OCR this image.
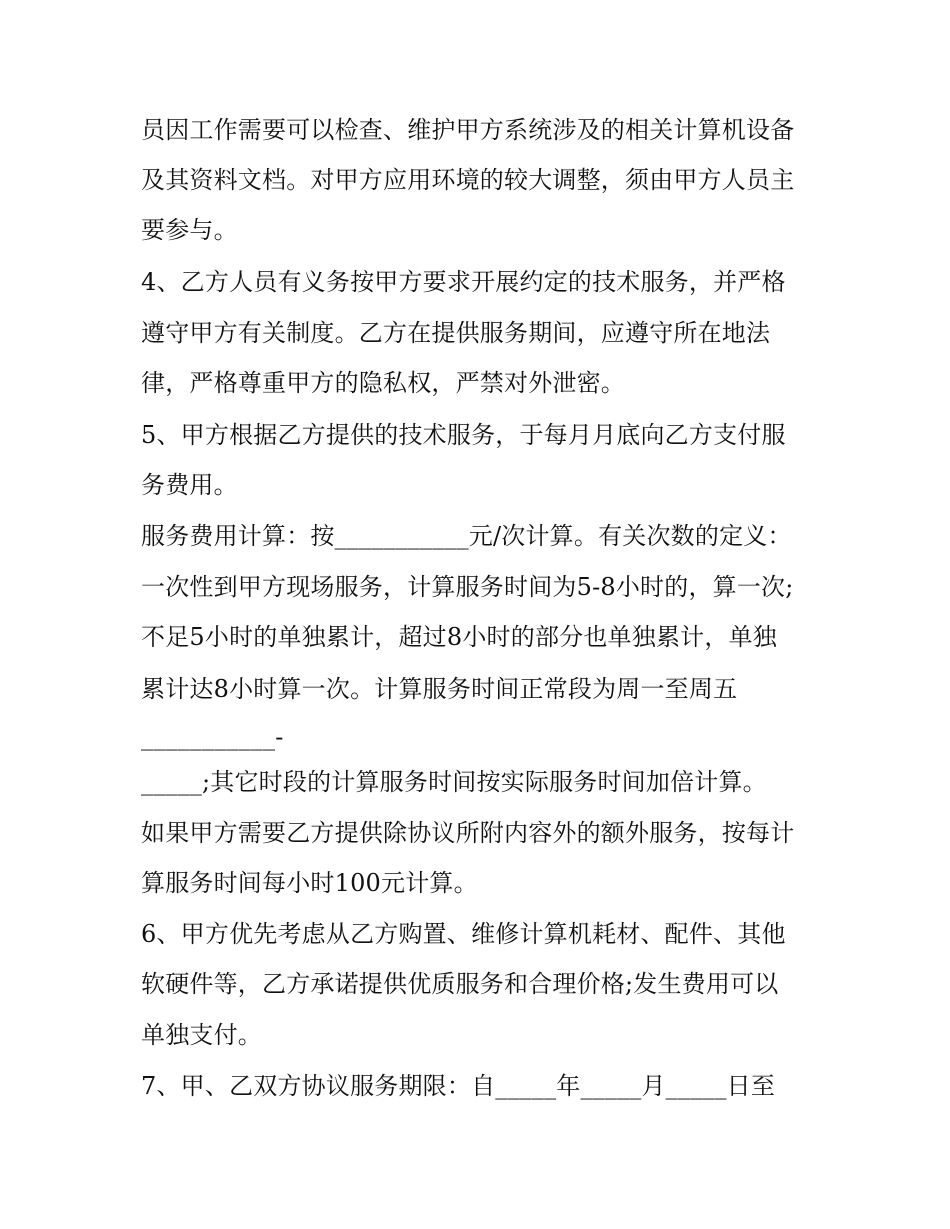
员因工作需要可以检查、维护甲方系统涉及的相关计算机设备
及其资料文档。对甲方应用环境的较大调整，须由甲方人员主
要参与。
4、乙方人员有义务按甲方要求开展约定的技术服务，并严格
遵守甲方有关制度。乙方在提供服务期间，应遵守所在地法
律，严格尊重甲方的隐私权，严禁对外泄密。
5、甲方根据乙方提供的技术服务，于每月月底向乙方支付服
务费用。
服务费用计算：按___________元/次计算。有关次数的定义：
一次性到甲方现场服务，计算服务时间为5-8小时的，算一次;
不足5小时的单独累计，超过8小时的部分也单独累计，单独
累计达8小时算一次。计算服务时间正常段为周一至周五
___________-
_____;其它时段的计算服务时间按实际服务时间加倍计算。
如果甲方需要乙方提供除协议所附内容外的额外服务，按每计
算服务时间每小时100元计算。
6、甲方优先考虑从乙方购置、维修计算机耗材、配件、其他
软硬件等，乙方承诺提供优质服务和合理价格;发生费用可以
单独支付。
7、甲、乙双方协议服务期限：自_____年_____月_____日至
